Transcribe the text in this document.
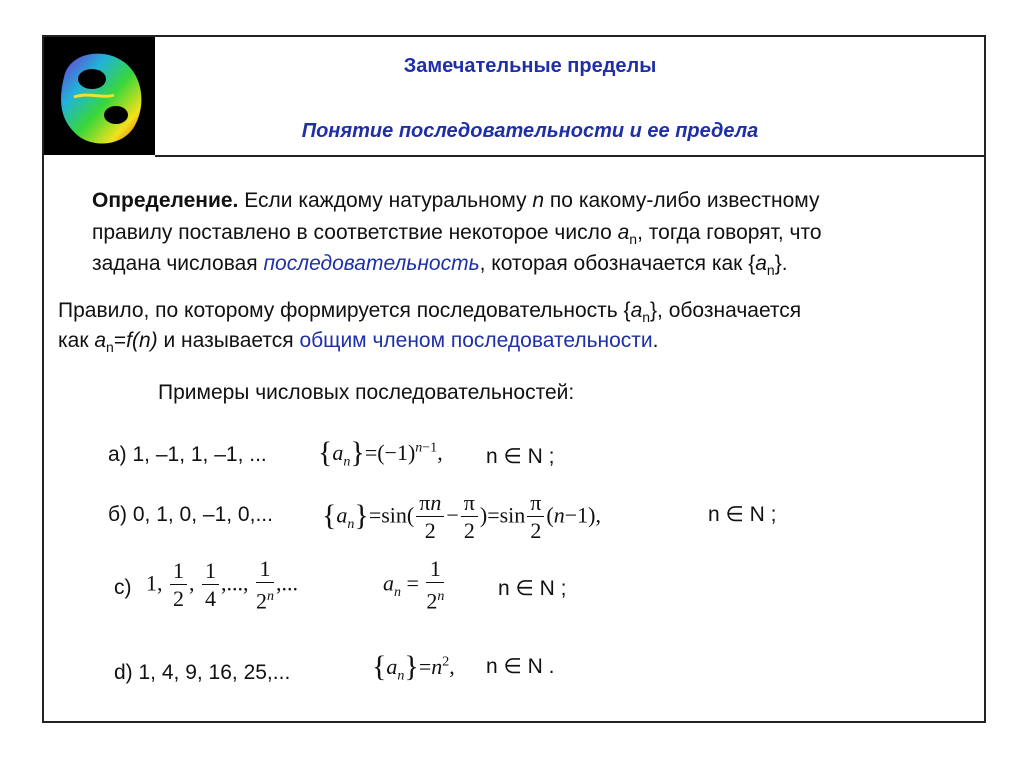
Замечательные пределы
Понятие последовательности и ее предела
Определение. Если каждому натуральному n по какому-либо известному
правилу поставлено в соответствие некоторое число $a_n$, тогда говорят, что
задана числовая последовательность, которая обозначается как $\{a_n\}$.
Правило, по которому формируется последовательность $\{a_n\}$, обозначается
как $a_n=f(n)$ и называется общим членом последовательности.
Примеры числовых последовательностей:
а) 1, –1, 1, –1, ... $\{a_n\}=(-1)^{n-1}$, n ∈ N ;
б) 0, 1, 0, –1, 0,... $\{a_n\}=\sin( \frac{\pi n}{2} - \frac{\pi}{2} )=\sin \frac{\pi}{2} (n-1)$,	n ∈ N ;
c) 1, $\frac{1}{2}$ , $\frac{1}{4}$ ,..., $\frac{1}{2^n}$ ,...	$a_n = \frac{1}{2^n}$	n ∈ N ;
d) 1, 4, 9, 16, 25,...	$\{a_n\}=n^2$, n ∈ N .
